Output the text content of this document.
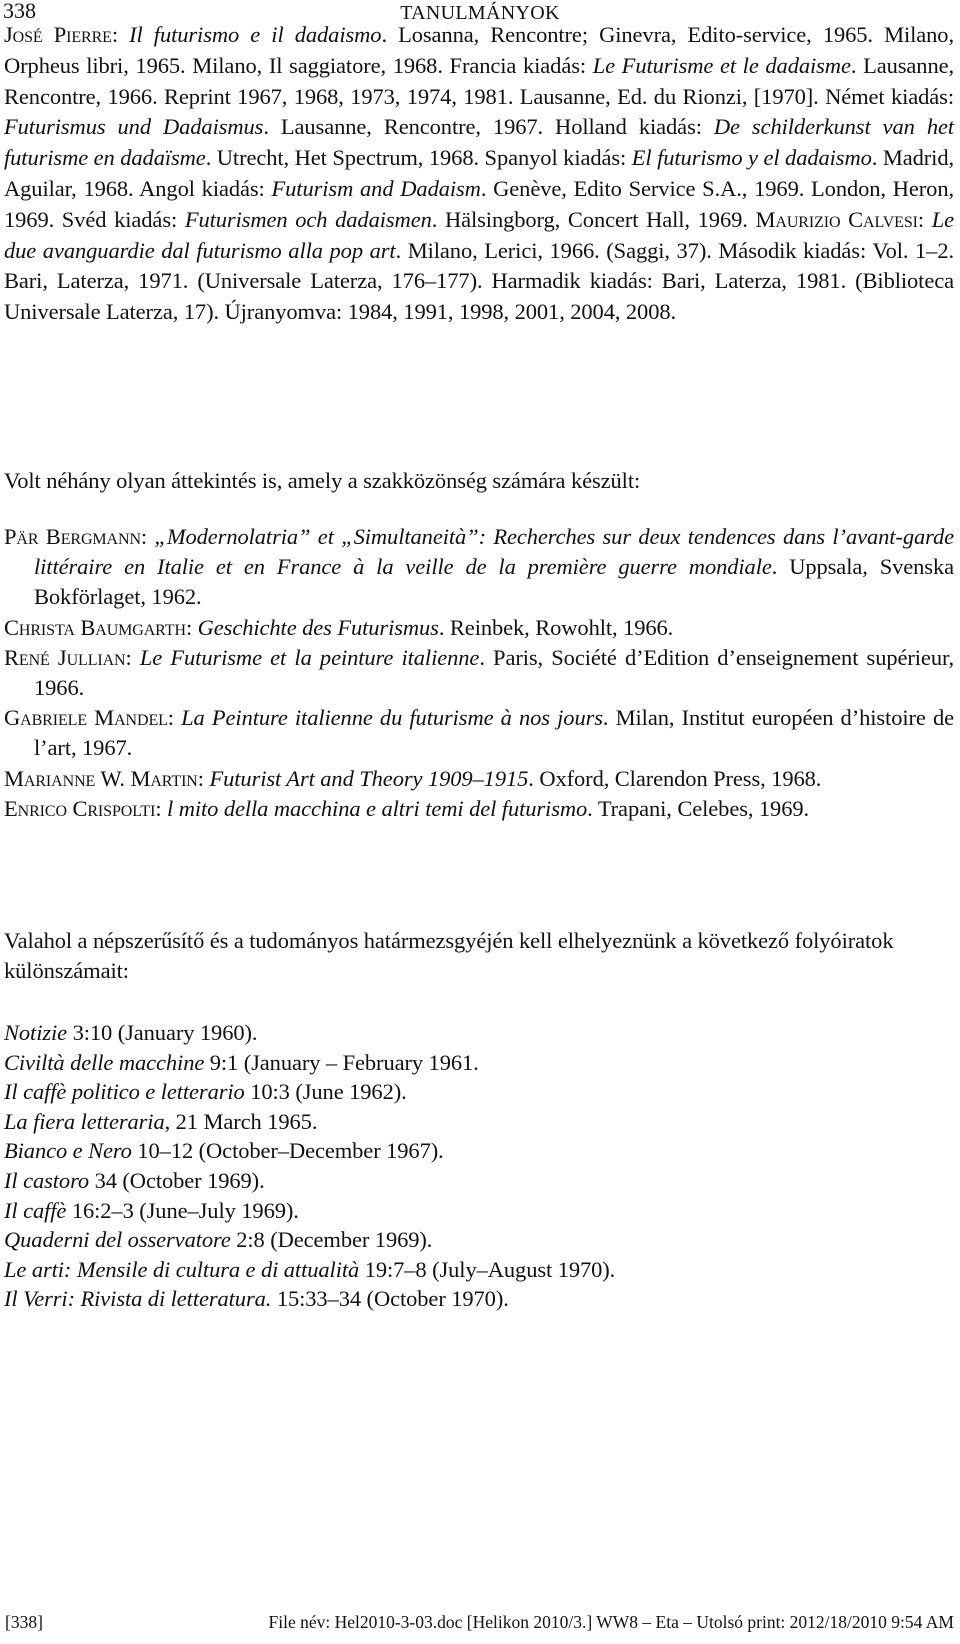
338	TANULMÁNYOK

José Pierre: Il futurismo e il dadaismo. Losanna, Rencontre; Ginevra, Edito-service, 1965. Milano, Orpheus libri, 1965. Milano, Il saggiatore, 1968. Francia kiadás: Le Futurisme et le dadaisme. Lausanne, Rencontre, 1966. Reprint 1967, 1968, 1973, 1974, 1981. Lausanne, Ed. du Rionzi, [1970]. Német kiadás: Futurismus und Dadaismus. Lausanne, Rencontre, 1967. Holland kiadás: De schilderkunst van het futurisme en dadaïsme. Utrecht, Het Spectrum, 1968. Spanyol kiadás: El futurismo y el dadaismo. Madrid, Aguilar, 1968. Angol kiadás: Futurism and Dadaism. Genève, Edito Service S.A., 1969. London, Heron, 1969. Svéd kiadás: Futurismen och dadaismen. Hälsingborg, Concert Hall, 1969. Maurizio Calvesi: Le due avanguardie dal futurismo alla pop art. Milano, Lerici, 1966. (Saggi, 37). Második kiadás: Vol. 1–2. Bari, Laterza, 1971. (Universale Laterza, 176–177). Harmadik kiadás: Bari, Laterza, 1981. (Biblioteca Universale Laterza, 17). Újranyomva: 1984, 1991, 1998, 2001, 2004, 2008.

Volt néhány olyan áttekintés is, amely a szakközönség számára készült:

Pär Bergmann: „Modernolatria” et „Simultaneità”: Recherches sur deux tendences dans l’avant-garde littéraire en Italie et en France à la veille de la première guerre mondiale. Uppsala, Svenska Bokförlaget, 1962.

Christa Baumgarth: Geschichte des Futurismus. Reinbek, Rowohlt, 1966.

René Jullian: Le Futurisme et la peinture italienne. Paris, Société d’Edition d’enseignement supérieur, 1966.

Gabriele Mandel: La Peinture italienne du futurisme à nos jours. Milan, Institut européen d’histoire de l’art, 1967.

Marianne W. Martin: Futurist Art and Theory 1909–1915. Oxford, Clarendon Press, 1968.

Enrico Crispolti: l mito della macchina e altri temi del futurismo. Trapani, Celebes, 1969.

Valahol a népszerűsítő és a tudományos határmezsgyéjén kell elhelyeznünk a következő folyóiratok különszámait:

Notizie 3:10 (January 1960).
Civiltà delle macchine 9:1 (January – February 1961.
Il caffè politico e letterario 10:3 (June 1962).
La fiera letteraria, 21 March 1965.
Bianco e Nero 10–12 (October–December 1967).
Il castoro 34 (October 1969).
Il caffè 16:2–3 (June–July 1969).
Quaderni del osservatore 2:8 (December 1969).
Le arti: Mensile di cultura e di attualità 19:7–8 (July–August 1970).
Il Verri: Rivista di letteratura. 15:33–34 (October 1970).
[338]	File név: Hel2010-3-03.doc [Helikon 2010/3.] WW8 – Eta – Utolsó print: 2012/18/2010 9:54 AM
